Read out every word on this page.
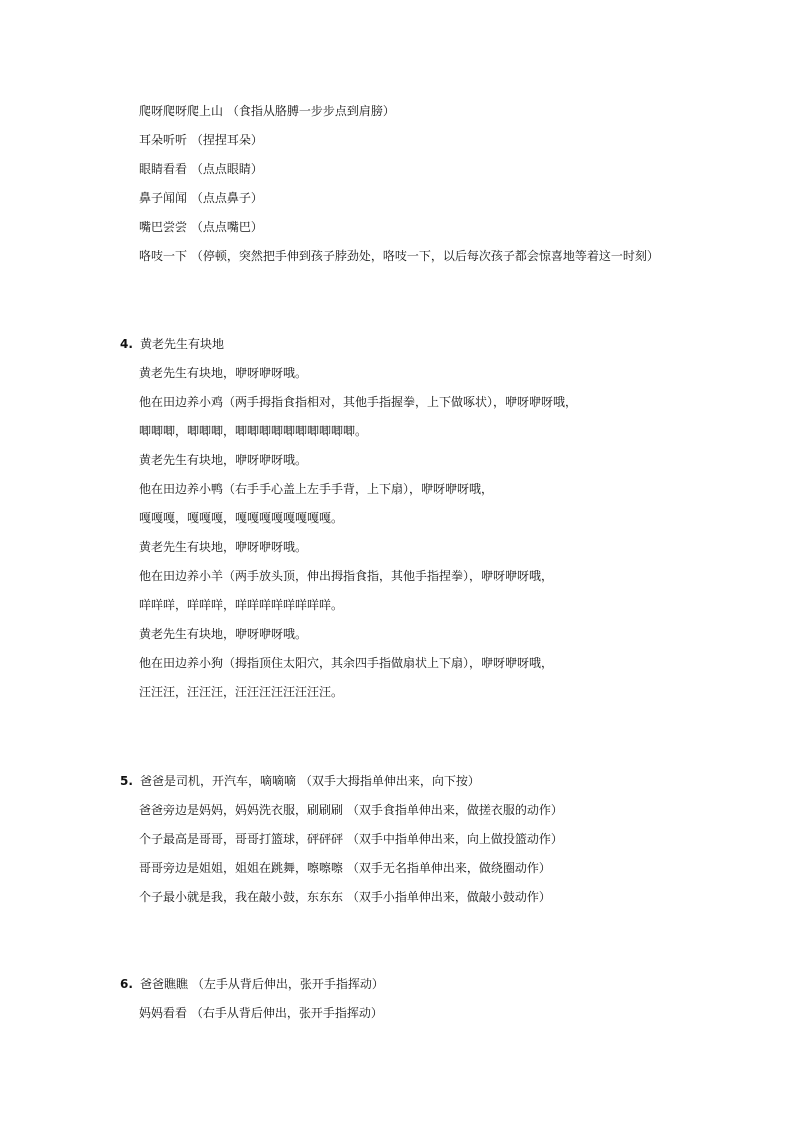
爬呀爬呀爬上山 （食指从胳膊一步步点到肩膀）
耳朵听听 （捏捏耳朵）
眼睛看看 （点点眼睛）
鼻子闻闻 （点点鼻子）
嘴巴尝尝 （点点嘴巴）
咯吱一下 （停顿，突然把手伸到孩子脖劲处，咯吱一下，以后每次孩子都会惊喜地等着这一时刻）
4. 黄老先生有块地
黄老先生有块地，咿呀咿呀哦。
他在田边养小鸡（两手拇指食指相对，其他手指握拳，上下做啄状），咿呀咿呀哦，
唧唧唧，唧唧唧，唧唧唧唧唧唧唧唧唧唧。
黄老先生有块地，咿呀咿呀哦。
他在田边养小鸭（右手手心盖上左手手背，上下扇），咿呀咿呀哦，
嘎嘎嘎，嘎嘎嘎，嘎嘎嘎嘎嘎嘎嘎嘎。
黄老先生有块地，咿呀咿呀哦。
他在田边养小羊（两手放头顶，伸出拇指食指，其他手指捏拳），咿呀咿呀哦，
咩咩咩，咩咩咩，咩咩咩咩咩咩咩咩。
黄老先生有块地，咿呀咿呀哦。
他在田边养小狗（拇指顶住太阳穴，其余四手指做扇状上下扇），咿呀咿呀哦，
汪汪汪，汪汪汪，汪汪汪汪汪汪汪汪。
5. 爸爸是司机，开汽车，嘀嘀嘀 （双手大拇指单伸出来，向下按）
爸爸旁边是妈妈，妈妈洗衣服，刷刷刷 （双手食指单伸出来，做搓衣服的动作）
个子最高是哥哥，哥哥打篮球，砰砰砰 （双手中指单伸出来，向上做投篮动作）
哥哥旁边是姐姐，姐姐在跳舞，嚓嚓嚓 （双手无名指单伸出来，做绕圈动作）
个子最小就是我，我在敲小鼓，东东东 （双手小指单伸出来，做敲小鼓动作）
6. 爸爸瞧瞧 （左手从背后伸出，张开手指挥动）
妈妈看看 （右手从背后伸出，张开手指挥动）
